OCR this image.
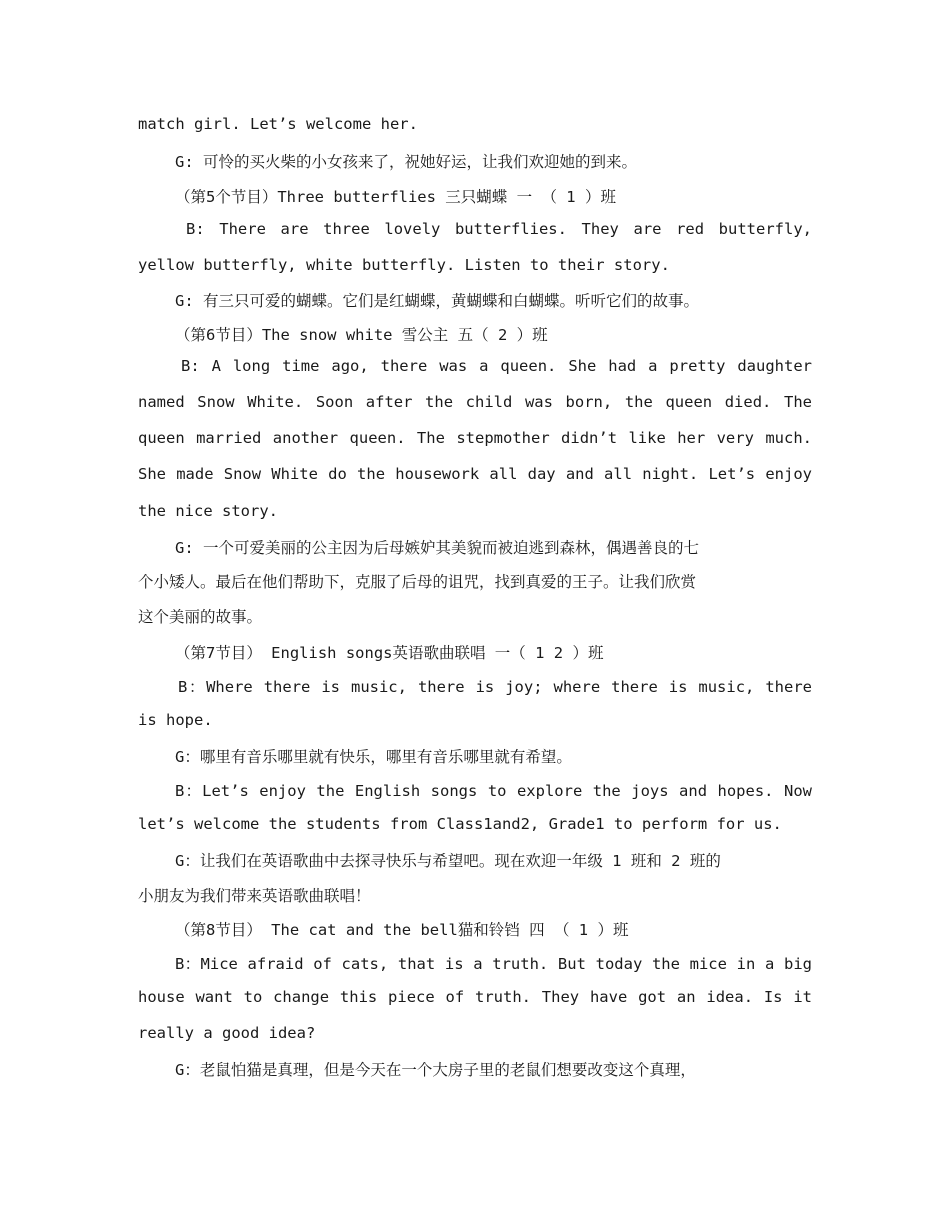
match girl. Let’s welcome her.
G: 可怜的买火柴的小女孩来了，祝她好运，让我们欢迎她的到来。
（第5个节目）Three butterflies 三只蝴蝶 一 （ 1 ）班
B: There are three lovely butterflies. They are red butterfly,
yellow butterfly, white butterfly. Listen to their story.
G: 有三只可爱的蝴蝶。它们是红蝴蝶，黄蝴蝶和白蝴蝶。听听它们的故事。
（第6节目）The snow white 雪公主 五（ 2 ）班
B: A long time ago, there was a queen. She had a pretty daughter
named Snow White. Soon after the child was born, the queen died. The
queen married another queen. The stepmother didn’t like her very much.
She made Snow White do the housework all day and all night. Let’s enjoy
the nice story.
G: 一个可爱美丽的公主因为后母嫉妒其美貌而被迫逃到森林，偶遇善良的七
个小矮人。最后在他们帮助下，克服了后母的诅咒，找到真爱的王子。让我们欣赏
这个美丽的故事。
（第7节目） English songs英语歌曲联唱 一（ 1 2 ）班
B：Where there is music, there is joy; where there is music, there
is hope.
G：哪里有音乐哪里就有快乐，哪里有音乐哪里就有希望。
B：Let’s enjoy the English songs to explore the joys and hopes. Now
let’s welcome the students from Class1and2, Grade1 to perform for us.
G：让我们在英语歌曲中去探寻快乐与希望吧。现在欢迎一年级 1 班和 2 班的
小朋友为我们带来英语歌曲联唱！
（第8节目） The cat and the bell猫和铃铛 四 （ 1 ）班
B：Mice afraid of cats, that is a truth. But today the mice in a big
house want to change this piece of truth. They have got an idea. Is it
really a good idea?
G：老鼠怕猫是真理，但是今天在一个大房子里的老鼠们想要改变这个真理，
